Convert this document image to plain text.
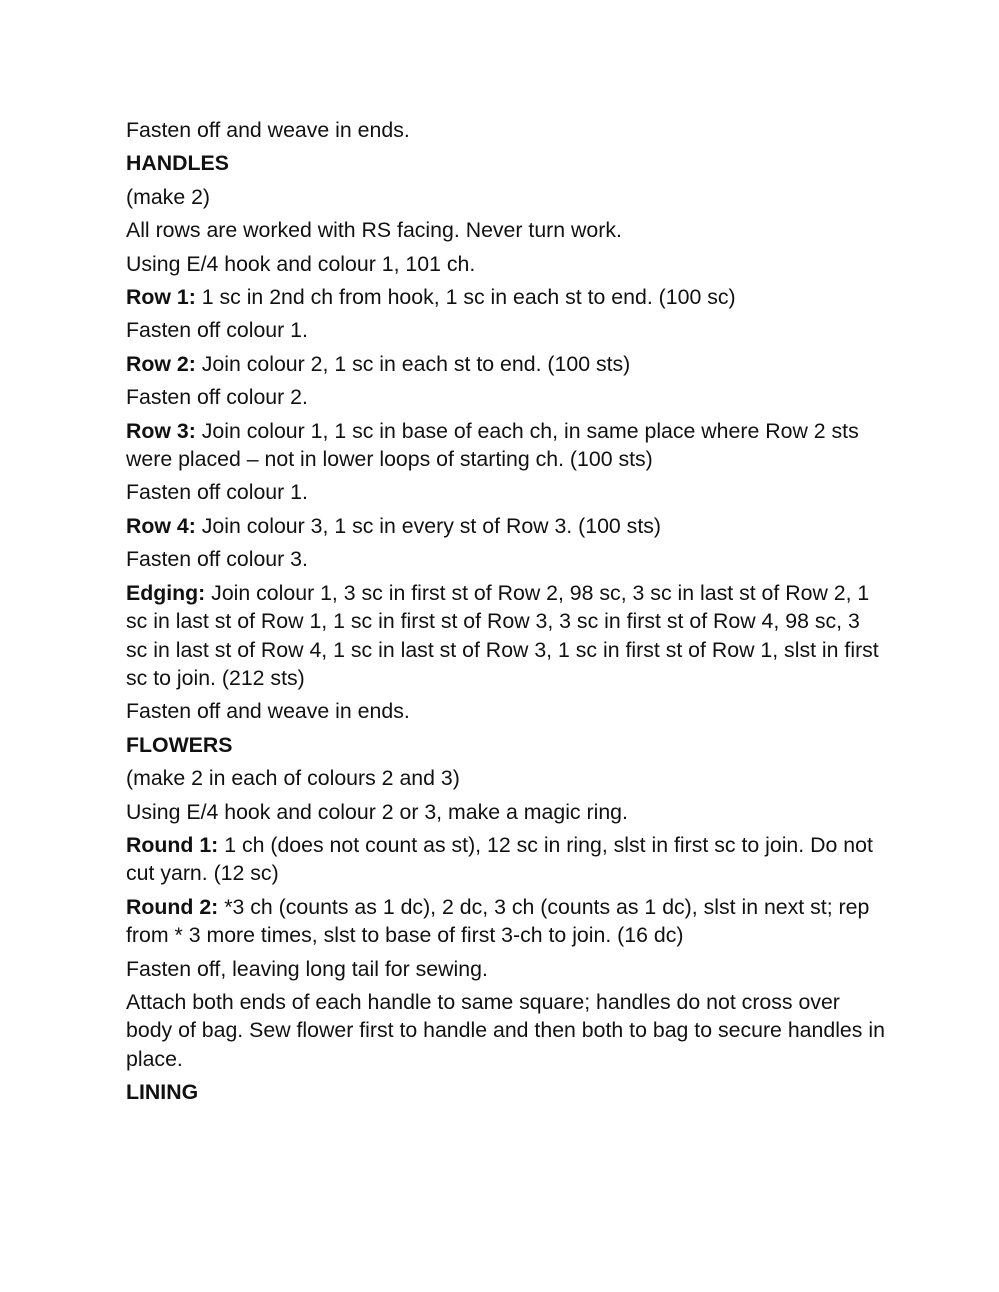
Fasten off and weave in ends.

HANDLES

(make 2)

All rows are worked with RS facing. Never turn work.

Using E/4 hook and colour 1, 101 ch.

Row 1: 1 sc in 2nd ch from hook, 1 sc in each st to end. (100 sc)

Fasten off colour 1.

Row 2: Join colour 2, 1 sc in each st to end. (100 sts)

Fasten off colour 2.

Row 3: Join colour 1, 1 sc in base of each ch, in same place where Row 2 sts were placed – not in lower loops of starting ch. (100 sts)

Fasten off colour 1.

Row 4: Join colour 3, 1 sc in every st of Row 3. (100 sts)

Fasten off colour 3.

Edging: Join colour 1, 3 sc in first st of Row 2, 98 sc, 3 sc in last st of Row 2, 1 sc in last st of Row 1, 1 sc in first st of Row 3, 3 sc in first st of Row 4, 98 sc, 3 sc in last st of Row 4, 1 sc in last st of Row 3, 1 sc in first st of Row 1, slst in first sc to join. (212 sts)

Fasten off and weave in ends.

FLOWERS

(make 2 in each of colours 2 and 3)

Using E/4 hook and colour 2 or 3, make a magic ring.

Round 1: 1 ch (does not count as st), 12 sc in ring, slst in first sc to join. Do not cut yarn. (12 sc)

Round 2: *3 ch (counts as 1 dc), 2 dc, 3 ch (counts as 1 dc), slst in next st; rep from * 3 more times, slst to base of first 3-ch to join. (16 dc)

Fasten off, leaving long tail for sewing.

Attach both ends of each handle to same square; handles do not cross over body of bag. Sew flower first to handle and then both to bag to secure handles in place.

LINING
